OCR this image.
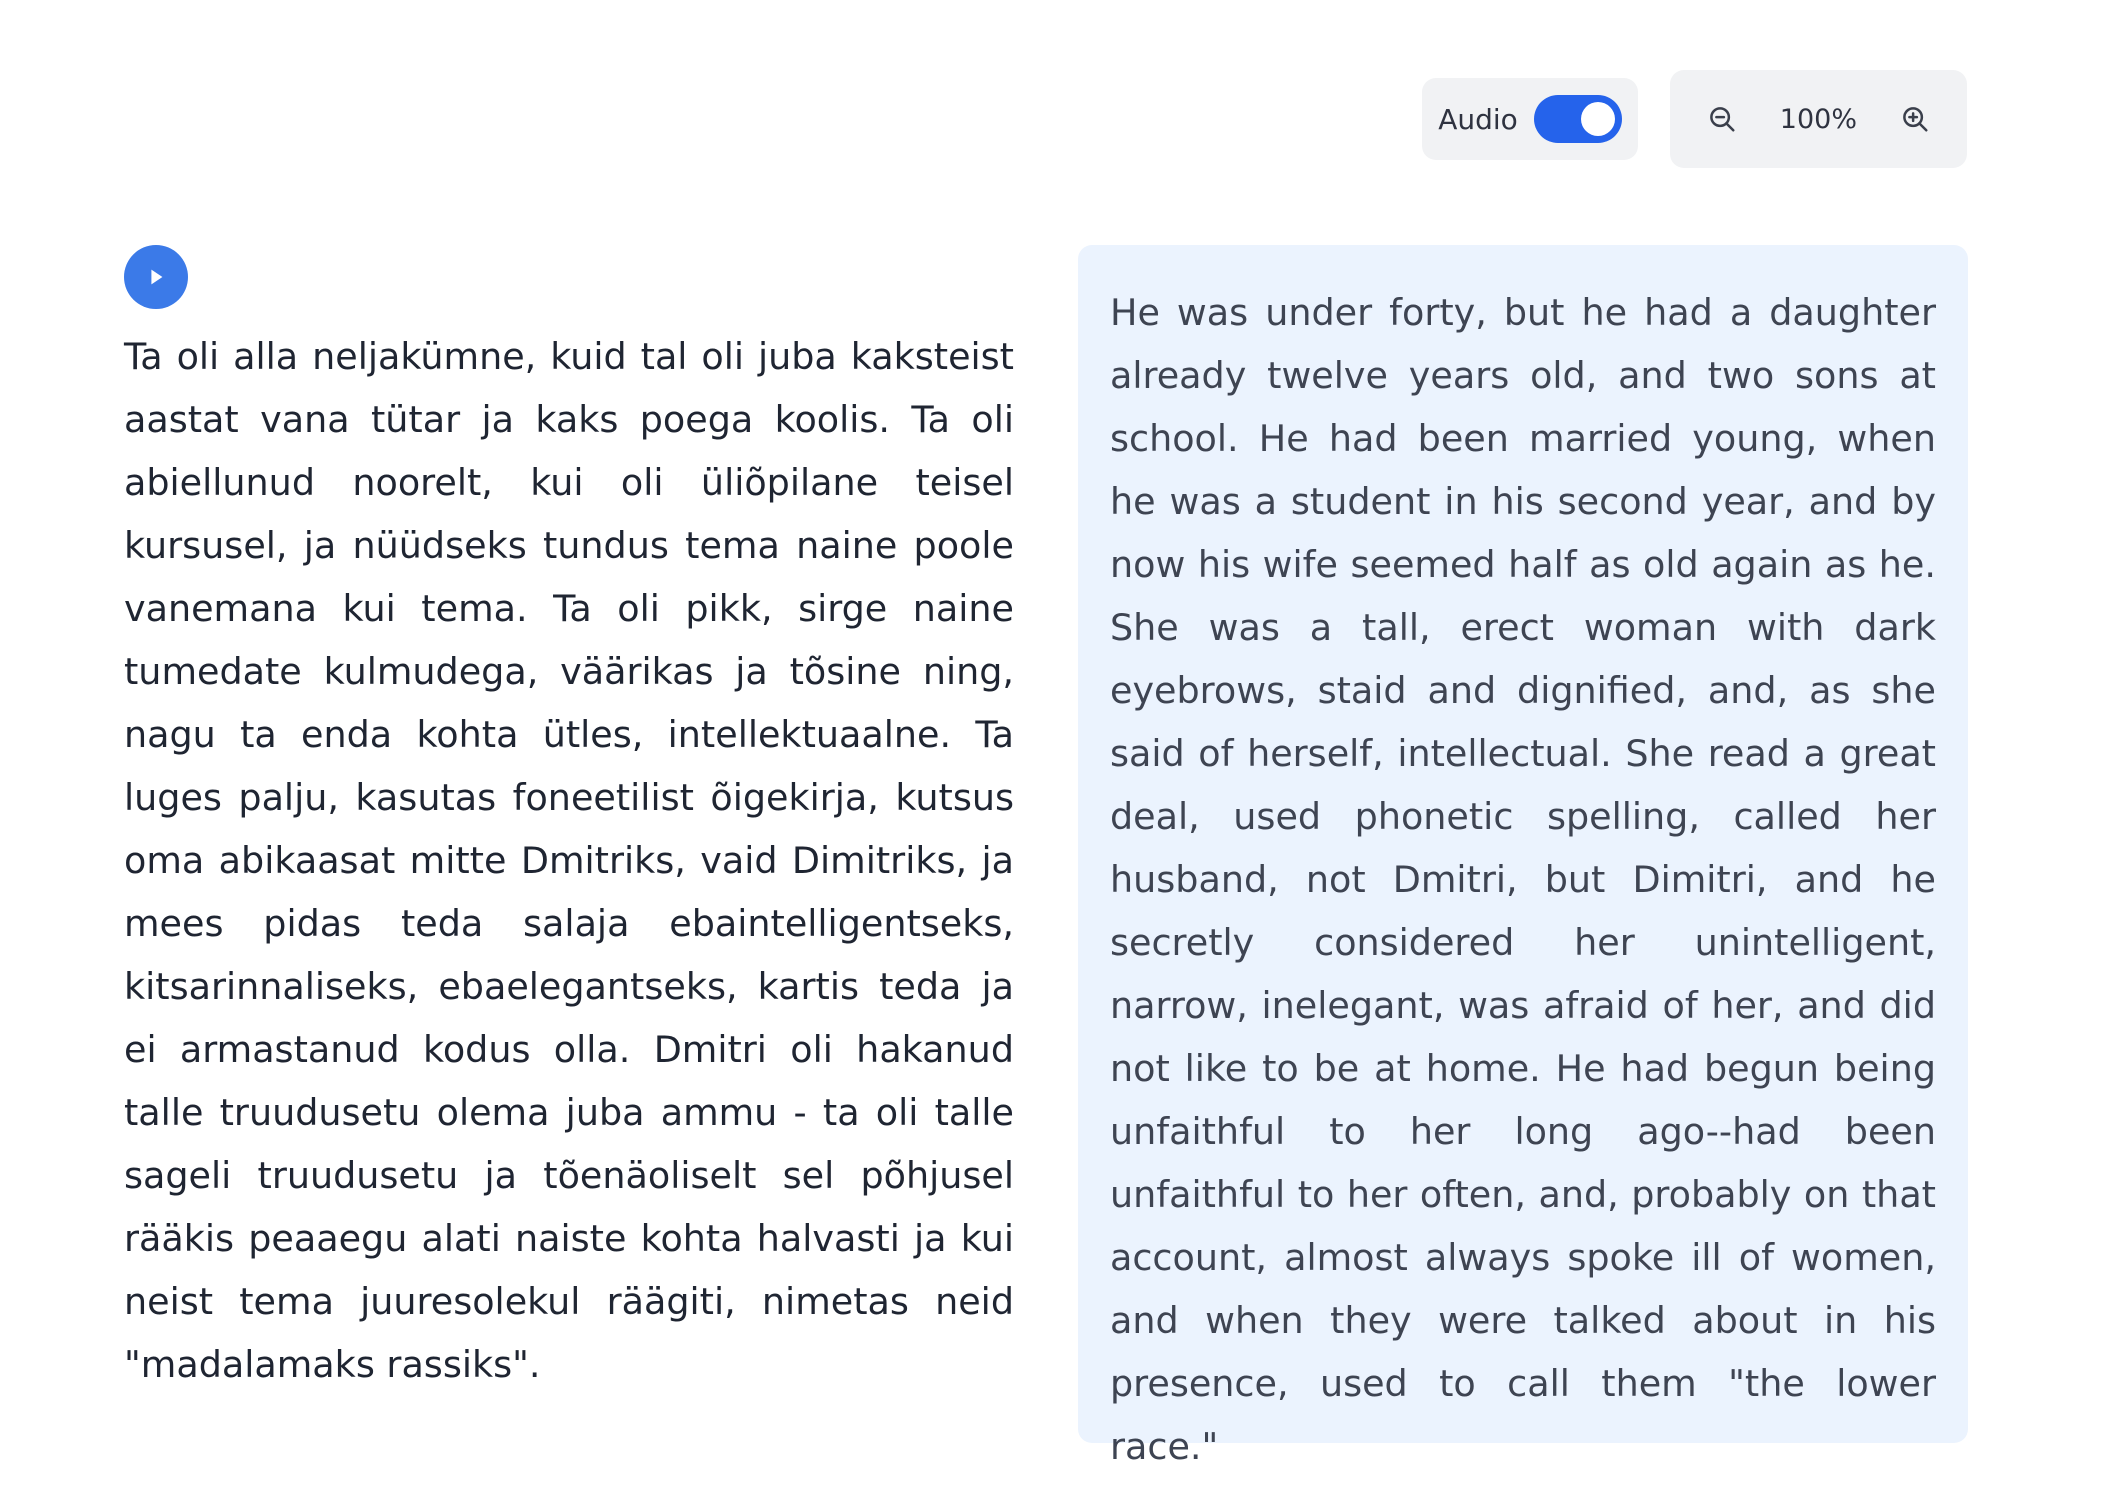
Audio	100%

Ta oli alla neljakümne, kuid tal oli juba kaksteist aastat vana tütar ja kaks poega koolis. Ta oli abiellunud noorelt, kui oli üliõpilane teisel kursusel, ja nüüdseks tundus tema naine poole vanemana kui tema. Ta oli pikk, sirge naine tumedate kulmudega, väärikas ja tõsine ning, nagu ta enda kohta ütles, intellektuaalne. Ta luges palju, kasutas foneetilist õigekirja, kutsus oma abikaasat mitte Dmitriks, vaid Dimitriks, ja mees pidas teda salaja ebaintelligentseks, kitsarinnaliseks, ebaelegantseks, kartis teda ja ei armastanud kodus olla. Dmitri oli hakanud talle truudusetu olema juba ammu - ta oli talle sageli truudusetu ja tõenäoliselt sel põhjusel rääkis peaaegu alati naiste kohta halvasti ja kui neist tema juuresolekul räägiti, nimetas neid "madalamaks rassiks".

He was under forty, but he had a daughter already twelve years old, and two sons at school. He had been married young, when he was a student in his second year, and by now his wife seemed half as old again as he. She was a tall, erect woman with dark eyebrows, staid and dignified, and, as she said of herself, intellectual. She read a great deal, used phonetic spelling, called her husband, not Dmitri, but Dimitri, and he secretly considered her unintelligent, narrow, inelegant, was afraid of her, and did not like to be at home. He had begun being unfaithful to her long ago--had been unfaithful to her often, and, probably on that account, almost always spoke ill of women, and when they were talked about in his presence, used to call them "the lower race."
